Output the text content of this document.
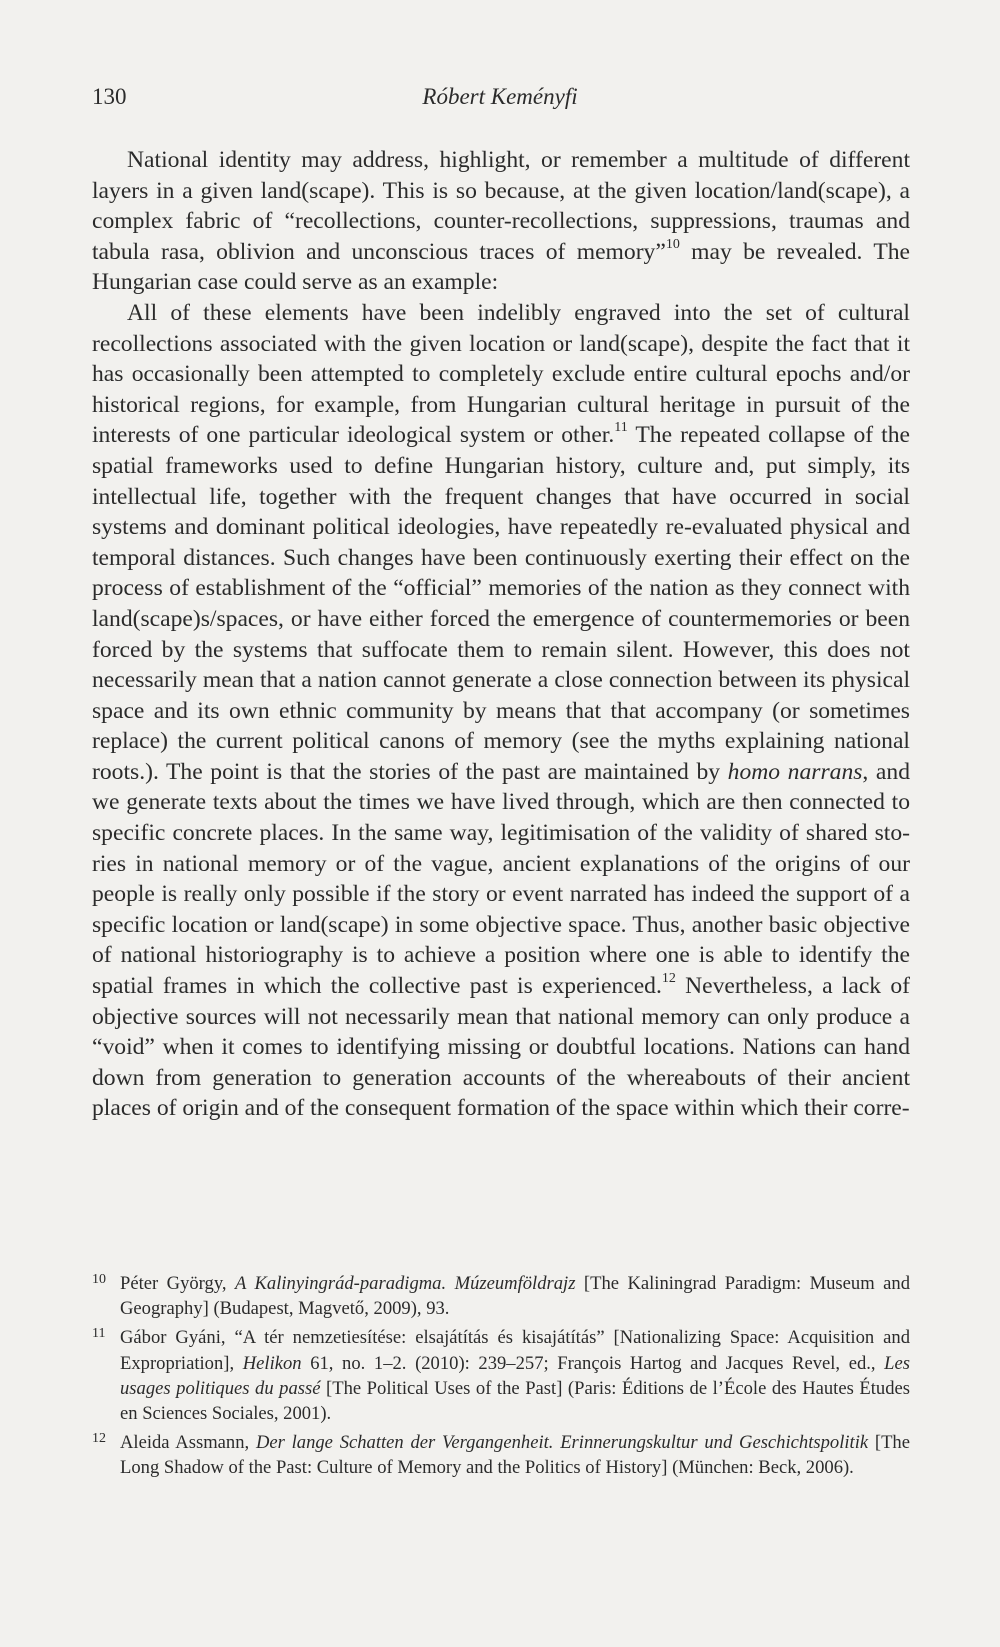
130	Róbert Keményfi

National identity may address, highlight, or remember a multitude of different layers in a given land(scape). This is so because, at the given location/land(scape), a complex fabric of “recollections, counter-recollections, suppressions, traumas and tabula rasa, oblivion and unconscious traces of memory”$^{10}$ may be revealed. The Hungarian case could serve as an example:

All of these elements have been indelibly engraved into the set of cultural recollections associated with the given location or land(scape), despite the fact that it has occasionally been attempted to completely exclude entire cultural epochs and/or historical regions, for example, from Hungarian cultural heritage in pursuit of the interests of one particular ideological system or other.$^{11}$ The repeated collapse of the spatial frameworks used to define Hungarian history, culture and, put simply, its intellectual life, together with the frequent changes that have occurred in social systems and dominant political ideologies, have repeatedly re-evaluated physical and temporal distances. Such changes have been continuously exerting their effect on the process of establishment of the “official” memories of the nation as they connect with land(scape)s/spaces, or have either forced the emergence of countermemories or been forced by the systems that suffocate them to remain silent. However, this does not necessarily mean that a nation cannot generate a close connection between its physical space and its own ethnic community by means that that accompany (or sometimes replace) the current political canons of memory (see the myths explaining national roots.). The point is that the stories of the past are maintained by homo narrans, and we generate texts about the times we have lived through, which are then connected to specific concrete places. In the same way, legitimisation of the validity of shared stories in national memory or of the vague, ancient explanations of the origins of our people is really only possible if the story or event narrated has indeed the support of a specific location or land(scape) in some objective space. Thus, another basic objective of national historiography is to achieve a position where one is able to identify the spatial frames in which the collective past is experienced.$^{12}$ Nevertheless, a lack of objective sources will not necessarily mean that national memory can only produce a “void” when it comes to identifying missing or doubtful locations. Nations can hand down from generation to generation accounts of the whereabouts of their ancient places of origin and of the consequent formation of the space within which their corre-

10 Péter György, A Kalinyingrád-paradigma. Múzeumföldrajz [The Kaliningrad Paradigm: Museum and Geography] (Budapest, Magvető, 2009), 93.
11 Gábor Gyáni, “A tér nemzetiesítése: elsajátítás és kisajátítás” [Nationalizing Space: Acquisition and Expropriation], Helikon 61, no. 1–2. (2010): 239–257; François Hartog and Jacques Revel, ed., Les usages politiques du passé [The Political Uses of the Past] (Paris: Éditions de l’École des Hautes Études en Sciences Sociales, 2001).
12 Aleida Assmann, Der lange Schatten der Vergangenheit. Erinnerungskultur und Geschichtspolitik [The Long Shadow of the Past: Culture of Memory and the Politics of History] (München: Beck, 2006).
